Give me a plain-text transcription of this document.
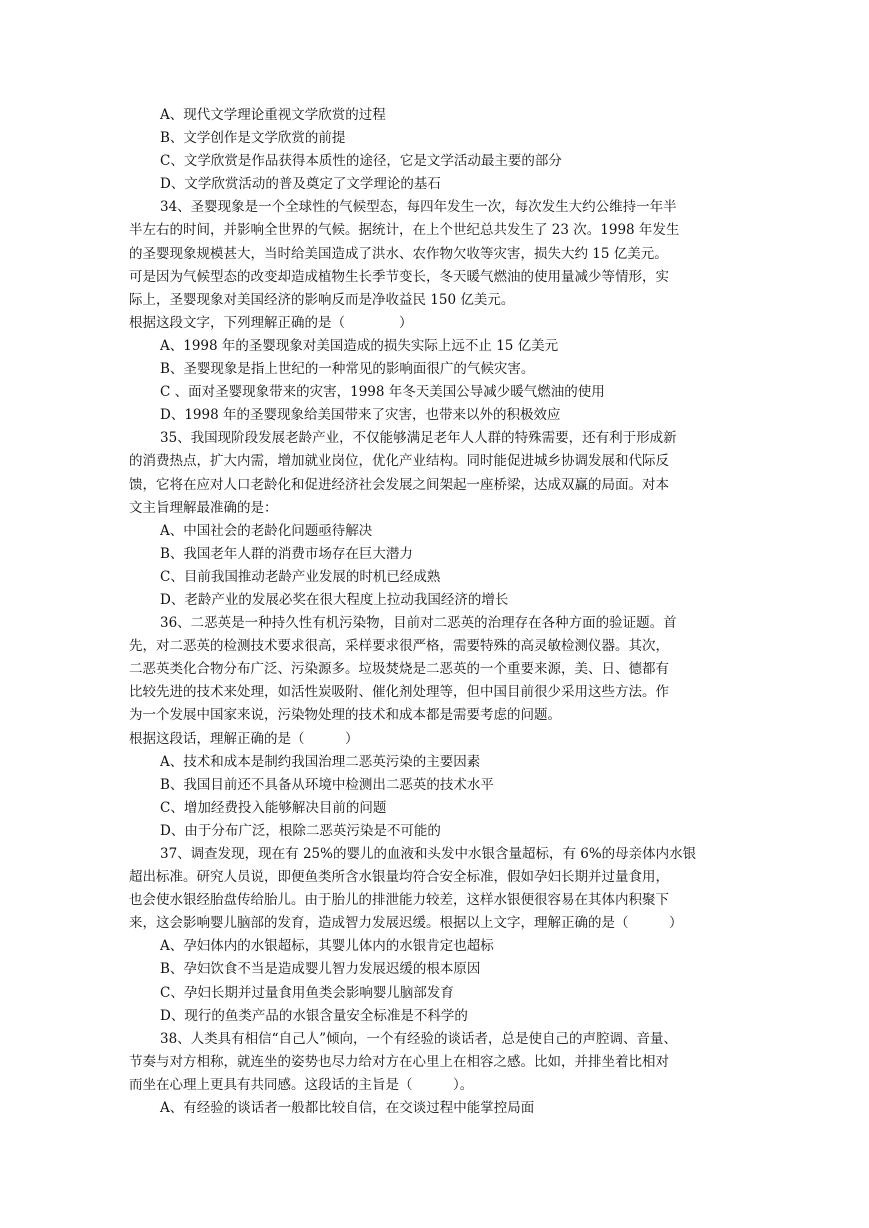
A、现代文学理论重视文学欣赏的过程
B、文学创作是文学欣赏的前提
C、文学欣赏是作品获得本质性的途径，它是文学活动最主要的部分
D、文学欣赏活动的普及奠定了文学理论的基石
34、圣婴现象是一个全球性的气候型态，每四年发生一次，每次发生大约公维持一年半
半左右的时间，并影响全世界的气候。据统计，在上个世纪总共发生了 23 次。1998 年发生
的圣婴现象规模甚大，当时给美国造成了洪水、农作物欠收等灾害，损失大约 15 亿美元。
可是因为气候型态的改变却造成植物生长季节变长，冬天暖气燃油的使用量减少等情形，实
际上，圣婴现象对美国经济的影响反而是净收益民 150 亿美元。
根据这段文字，下列理解正确的是（　　　　）
A、1998 年的圣婴现象对美国造成的损失实际上远不止 15 亿美元
B、圣婴现象是指上世纪的一种常见的影响面很广的气候灾害。
C 、面对圣婴现象带来的灾害，1998 年冬天美国公导减少暖气燃油的使用
D、1998 年的圣婴现象给美国带来了灾害，也带来以外的积极效应
35、我国现阶段发展老龄产业，不仅能够满足老年人人群的特殊需要，还有利于形成新
的消费热点，扩大内需，增加就业岗位，优化产业结构。同时能促进城乡协调发展和代际反
馈，它将在应对人口老龄化和促进经济社会发展之间架起一座桥梁，达成双赢的局面。对本
文主旨理解最准确的是：
A、中国社会的老龄化问题亟待解决
B、我国老年人群的消费市场存在巨大潜力
C、目前我国推动老龄产业发展的时机已经成熟
D、老龄产业的发展必奖在很大程度上拉动我国经济的增长
36、二恶英是一种持久性有机污染物，目前对二恶英的治理存在各种方面的验证题。首
先，对二恶英的检测技术要求很高，采样要求很严格，需要特殊的高灵敏检测仪器。其次，
二恶英类化合物分布广泛、污染源多。垃圾焚烧是二恶英的一个重要来源，美、日、德都有
比较先进的技术来处理，如活性炭吸附、催化剂处理等，但中国目前很少采用这些方法。作
为一个发展中国家来说，污染物处理的技术和成本都是需要考虑的问题。
根据这段话，理解正确的是（　　　）
A、技术和成本是制约我国治理二恶英污染的主要因素
B、我国目前还不具备从环境中检测出二恶英的技术水平
C、增加经费投入能够解决目前的问题
D、由于分布广泛，根除二恶英污染是不可能的
37、调查发现，现在有 25%的婴儿的血液和头发中水银含量超标，有 6%的母亲体内水银
超出标准。研究人员说，即便鱼类所含水银量均符合安全标准，假如孕妇长期并过量食用，
也会使水银经胎盘传给胎儿。由于胎儿的排泄能力较差，这样水银便很容易在其体内积聚下
来，这会影响婴儿脑部的发育，造成智力发展迟缓。根据以上文字，理解正确的是（　　　）
A、孕妇体内的水银超标，其婴儿体内的水银肯定也超标
B、孕妇饮食不当是造成婴儿智力发展迟缓的根本原因
C、孕妇长期并过量食用鱼类会影响婴儿脑部发育
D、现行的鱼类产品的水银含量安全标准是不科学的
38、人类具有相信“自己人”倾向，一个有经验的谈话者，总是使自己的声腔调、音量、
节奏与对方相称，就连坐的姿势也尽力给对方在心里上在相容之感。比如，并排坐着比相对
而坐在心理上更具有共同感。这段话的主旨是（　　　）。
A、有经验的谈话者一般都比较自信，在交谈过程中能掌控局面
